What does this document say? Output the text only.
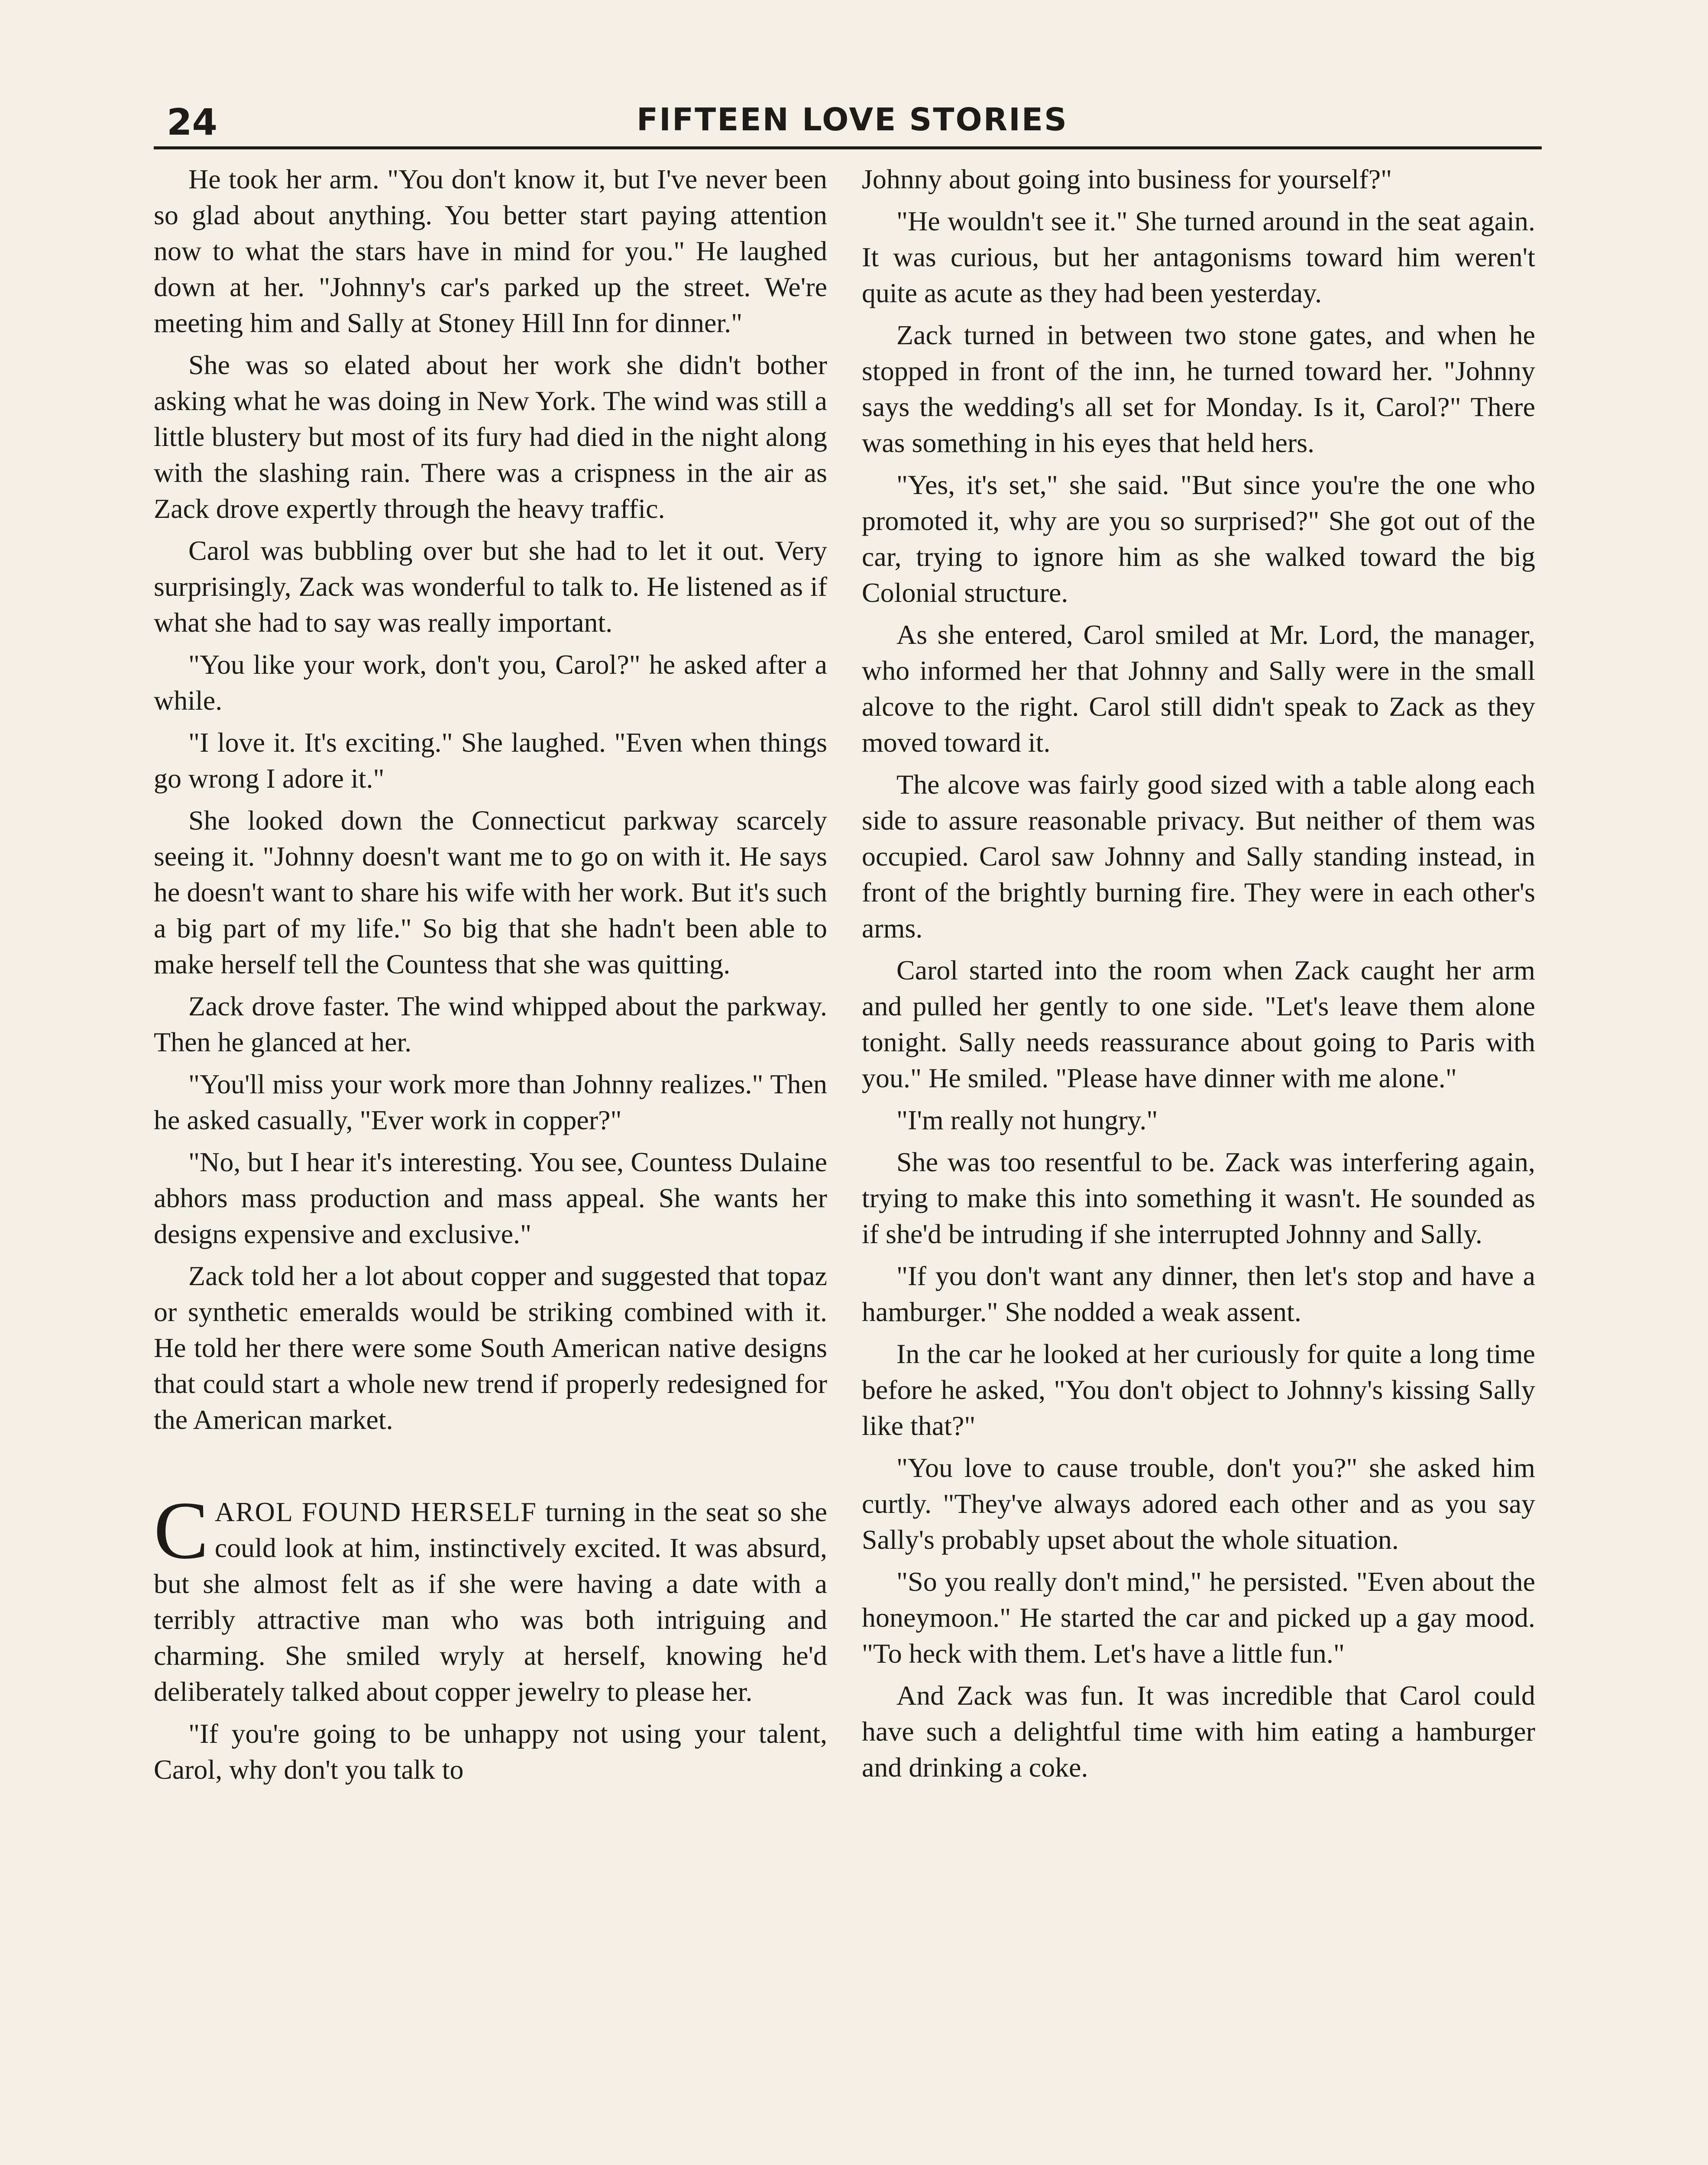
24	FIFTEEN LOVE STORIES

He took her arm. "You don't know it, but I've never been so glad about anything. You better start paying attention now to what the stars have in mind for you." He laughed down at her. "Johnny's car's parked up the street. We're meeting him and Sally at Stoney Hill Inn for dinner."

She was so elated about her work she didn't bother asking what he was doing in New York. The wind was still a little blustery but most of its fury had died in the night along with the slashing rain. There was a crispness in the air as Zack drove expertly through the heavy traffic.

Carol was bubbling over but she had to let it out. Very surprisingly, Zack was wonderful to talk to. He listened as if what she had to say was really important.

"You like your work, don't you, Carol?" he asked after a while.

"I love it. It's exciting." She laughed. "Even when things go wrong I adore it."

She looked down the Connecticut parkway scarcely seeing it. "Johnny doesn't want me to go on with it. He says he doesn't want to share his wife with her work. But it's such a big part of my life." So big that she hadn't been able to make herself tell the Countess that she was quitting.

Zack drove faster. The wind whipped about the parkway. Then he glanced at her.

"You'll miss your work more than Johnny realizes." Then he asked casually, "Ever work in copper?"

"No, but I hear it's interesting. You see, Countess Dulaine abhors mass production and mass appeal. She wants her designs expensive and exclusive."

Zack told her a lot about copper and suggested that topaz or synthetic emeralds would be striking combined with it. He told her there were some South American native designs that could start a whole new trend if properly redesigned for the American market.

CAROL FOUND HERSELF turning in the seat so she could look at him, instinctively excited. It was absurd, but she almost felt as if she were having a date with a terribly attractive man who was both intriguing and charming. She smiled wryly at herself, knowing he'd deliberately talked about copper jewelry to please her.

"If you're going to be unhappy not using your talent, Carol, why don't you talk to

Johnny about going into business for yourself?"

"He wouldn't see it." She turned around in the seat again. It was curious, but her antagonisms toward him weren't quite as acute as they had been yesterday.

Zack turned in between two stone gates, and when he stopped in front of the inn, he turned toward her. "Johnny says the wedding's all set for Monday. Is it, Carol?" There was something in his eyes that held hers.

"Yes, it's set," she said. "But since you're the one who promoted it, why are you so surprised?" She got out of the car, trying to ignore him as she walked toward the big Colonial structure.

As she entered, Carol smiled at Mr. Lord, the manager, who informed her that Johnny and Sally were in the small alcove to the right. Carol still didn't speak to Zack as they moved toward it.

The alcove was fairly good sized with a table along each side to assure reasonable privacy. But neither of them was occupied. Carol saw Johnny and Sally standing instead, in front of the brightly burning fire. They were in each other's arms.

Carol started into the room when Zack caught her arm and pulled her gently to one side. "Let's leave them alone tonight. Sally needs reassurance about going to Paris with you." He smiled. "Please have dinner with me alone."

"I'm really not hungry."

She was too resentful to be. Zack was interfering again, trying to make this into something it wasn't. He sounded as if she'd be intruding if she interrupted Johnny and Sally.

"If you don't want any dinner, then let's stop and have a hamburger." She nodded a weak assent.

In the car he looked at her curiously for quite a long time before he asked, "You don't object to Johnny's kissing Sally like that?"

"You love to cause trouble, don't you?" she asked him curtly. "They've always adored each other and as you say Sally's probably upset about the whole situation.

"So you really don't mind," he persisted. "Even about the honeymoon." He started the car and picked up a gay mood. "To heck with them. Let's have a little fun."

And Zack was fun. It was incredible that Carol could have such a delightful time with him eating a hamburger and drinking a coke.
